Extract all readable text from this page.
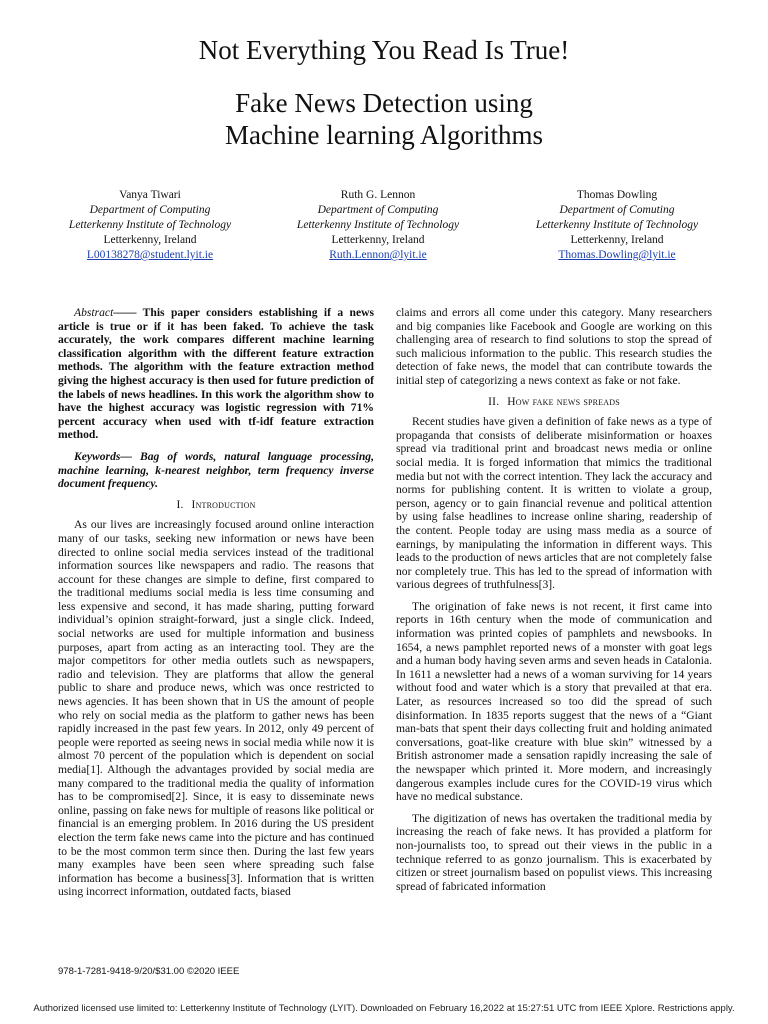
Not Everything You Read Is True!
Fake News Detection using
Machine learning Algorithms
Vanya Tiwari
Department of Computing
Letterkenny Institute of Technology
Letterkenny, Ireland
L00138278@student.lyit.ie
Ruth G. Lennon
Department of Computing
Letterkenny Institute of Technology
Letterkenny, Ireland
Ruth.Lennon@lyit.ie
Thomas Dowling
Department of Comuting
Letterkenny Institute of Technology
Letterkenny, Ireland
Thomas.Dowling@lyit.ie

Abstract—— This paper considers establishing if a news article is true or if it has been faked. To achieve the task accurately, the work compares different machine learning classification algorithm with the different feature extraction methods. The algorithm with the feature extraction method giving the highest accuracy is then used for future prediction of the labels of news headlines. In this work the algorithm show to have the highest accuracy was logistic regression with 71% percent accuracy when used with tf-idf feature extraction method.

Keywords— Bag of words, natural language processing, machine learning, k-nearest neighbor, term frequency inverse document frequency.

I. Introduction

As our lives are increasingly focused around online interaction many of our tasks, seeking new information or news have been directed to online social media services instead of the traditional information sources like newspapers and radio. The reasons that account for these changes are simple to define, first compared to the traditional mediums social media is less time consuming and less expensive and second, it has made sharing, putting forward individual’s opinion straight-forward, just a single click. Indeed, social networks are used for multiple information and business purposes, apart from acting as an interacting tool. They are the major competitors for other media outlets such as newspapers, radio and television. They are platforms that allow the general public to share and produce news, which was once restricted to news agencies. It has been shown that in US the amount of people who rely on social media as the platform to gather news has been rapidly increased in the past few years. In 2012, only 49 percent of people were reported as seeing news in social media while now it is almost 70 percent of the population which is dependent on social media[1]. Although the advantages provided by social media are many compared to the traditional media the quality of information has to be compromised[2]. Since, it is easy to disseminate news online, passing on fake news for multiple of reasons like political or financial is an emerging problem. In 2016 during the US president election the term fake news came into the picture and has continued to be the most common term since then. During the last few years many examples have been seen where spreading such false information has become a business[3]. Information that is written using incorrect information, outdated facts, biased

claims and errors all come under this category. Many researchers and big companies like Facebook and Google are working on this challenging area of research to find solutions to stop the spread of such malicious information to the public. This research studies the detection of fake news, the model that can contribute towards the initial step of categorizing a news context as fake or not fake.

II. How fake news spreads

Recent studies have given a definition of fake news as a type of propaganda that consists of deliberate misinformation or hoaxes spread via traditional print and broadcast news media or online social media. It is forged information that mimics the traditional media but not with the correct intention. They lack the accuracy and norms for publishing content. It is written to violate a group, person, agency or to gain financial revenue and political attention by using false headlines to increase online sharing, readership of the content. People today are using mass media as a source of earnings, by manipulating the information in different ways. This leads to the production of news articles that are not completely false nor completely true. This has led to the spread of information with various degrees of truthfulness[3].

The origination of fake news is not recent, it first came into reports in 16th century when the mode of communication and information was printed copies of pamphlets and newsbooks. In 1654, a news pamphlet reported news of a monster with goat legs and a human body having seven arms and seven heads in Catalonia. In 1611 a newsletter had a news of a woman surviving for 14 years without food and water which is a story that prevailed at that era. Later, as resources increased so too did the spread of such disinformation. In 1835 reports suggest that the news of a “Giant man-bats that spent their days collecting fruit and holding animated conversations, goat-like creature with blue skin” witnessed by a British astronomer made a sensation rapidly increasing the sale of the newspaper which printed it. More modern, and increasingly dangerous examples include cures for the COVID-19 virus which have no medical substance.

The digitization of news has overtaken the traditional media by increasing the reach of fake news. It has provided a platform for non-journalists too, to spread out their views in the public in a technique referred to as gonzo journalism. This is exacerbated by citizen or street journalism based on populist views. This increasing spread of fabricated information

978-1-7281-9418-9/20/$31.00 ©2020 IEEE
Authorized licensed use limited to: Letterkenny Institute of Technology (LYIT). Downloaded on February 16,2022 at 15:27:51 UTC from IEEE Xplore. Restrictions apply.
